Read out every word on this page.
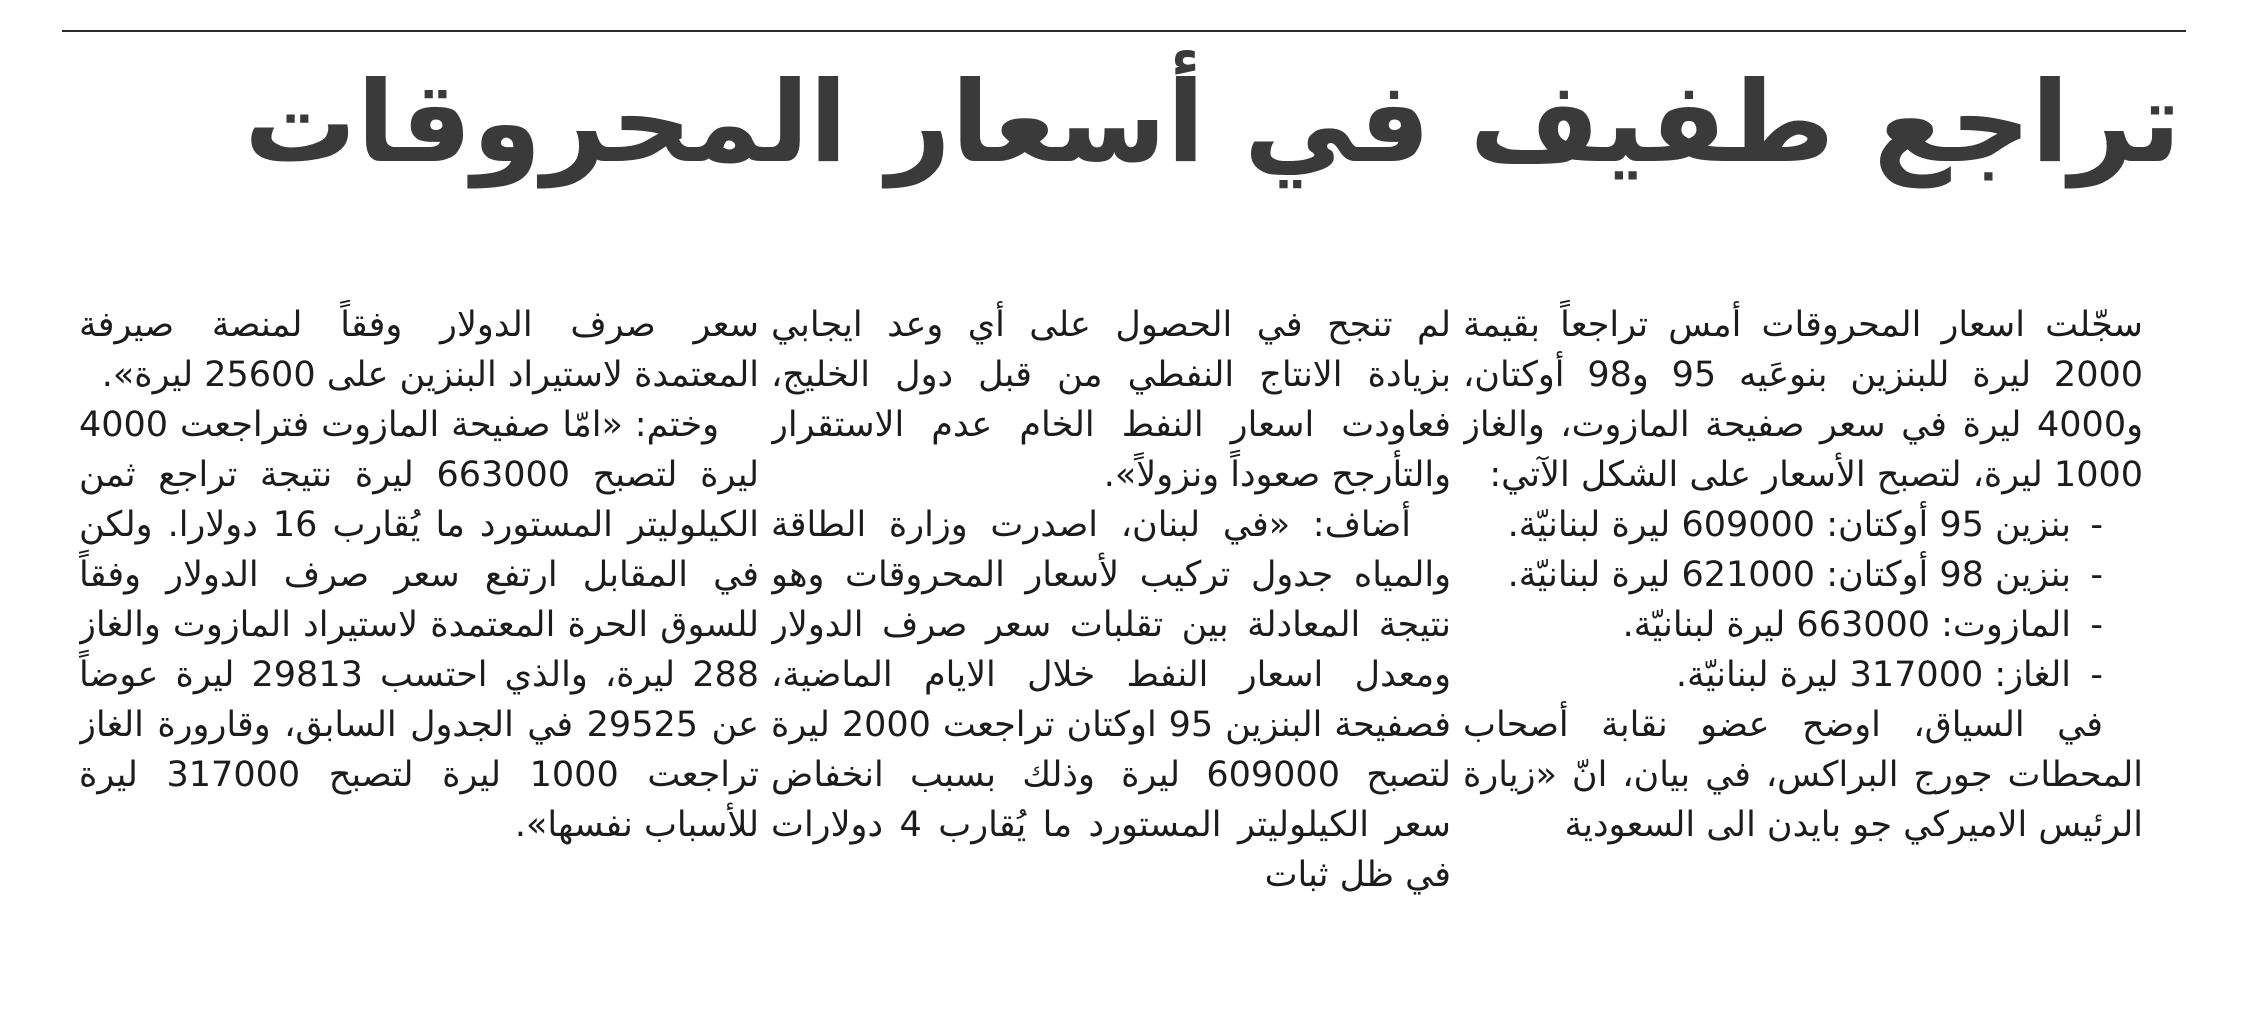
تراجع طفيف في أسعار المحروقات

سجّلت اسعار المحروقات أمس تراجعاً بقيمة 2000 ليرة للبنزين بنوعَيه 95 و98 أوكتان، و4000 ليرة في سعر صفيحة المازوت، والغاز 1000 ليرة، لتصبح الأسعار على الشكل الآتي:

-بنزين 95 أوكتان: 609000 ليرة لبنانيّة.
-بنزين 98 أوكتان: 621000 ليرة لبنانيّة.
-المازوت: 663000 ليرة لبنانيّة.
-الغاز: 317000 ليرة لبنانيّة.

في السياق، اوضح عضو نقابة أصحاب المحطات جورج البراكس، في بيان، انّ «زيارة الرئيس الاميركي جو بايدن الى السعودية

لم تنجح في الحصول على أي وعد ايجابي بزيادة الانتاج النفطي من قبل دول الخليج، فعاودت اسعار النفط الخام عدم الاستقرار والتأرجح صعوداً ونزولاً».

أضاف: «في لبنان، اصدرت وزارة الطاقة والمياه جدول تركيب لأسعار المحروقات وهو نتيجة المعادلة بين تقلبات سعر صرف الدولار ومعدل اسعار النفط خلال الايام الماضية، فصفيحة البنزين 95 اوكتان تراجعت 2000 ليرة لتصبح 609000 ليرة وذلك بسبب انخفاض سعر الكيلوليتر المستورد ما يُقارب 4 دولارات في ظل ثبات

سعر صرف الدولار وفقاً لمنصة صيرفة المعتمدة لاستيراد البنزين على 25600 ليرة».

وختم: «امّا صفيحة المازوت فتراجعت 4000 ليرة لتصبح 663000 ليرة نتيجة تراجع ثمن الكيلوليتر المستورد ما يُقارب 16 دولارا. ولكن في المقابل ارتفع سعر صرف الدولار وفقاً للسوق الحرة المعتمدة لاستيراد المازوت والغاز 288 ليرة، والذي احتسب 29813 ليرة عوضاً عن 29525 في الجدول السابق، وقارورة الغاز تراجعت 1000 ليرة لتصبح 317000 ليرة للأسباب نفسها».
